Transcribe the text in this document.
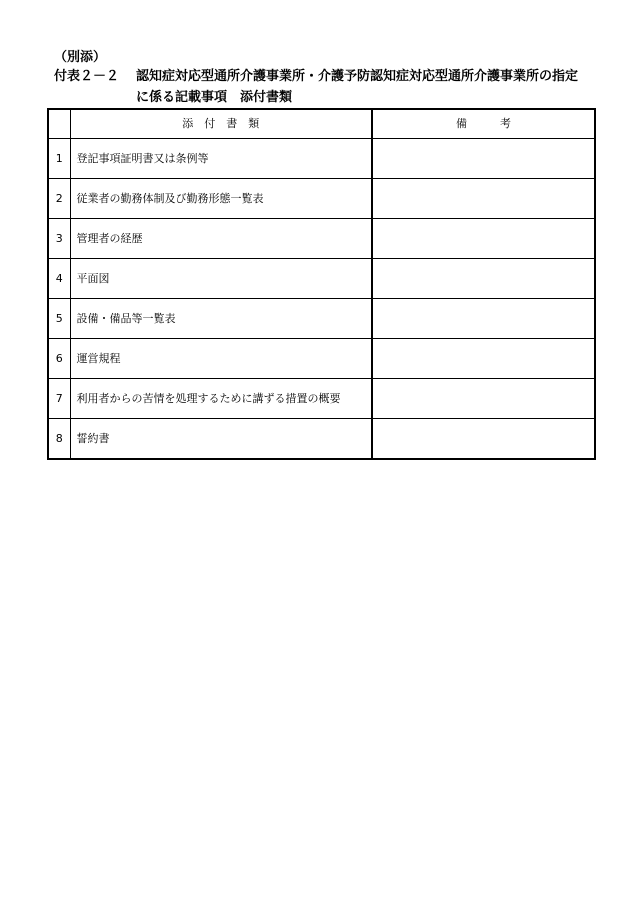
（別添）
付表２－２ 認知症対応型通所介護事業所・介護予防認知症対応型通所介護事業所の指定
に係る記載事項　添付書類
	添　付　書　類	備　　　考
1	登記事項証明書又は条例等	
2	従業者の勤務体制及び勤務形態一覧表	
3	管理者の経歴	
4	平面図	
5	設備・備品等一覧表	
6	運営規程	
7	利用者からの苦情を処理するために講ずる措置の概要	
8	誓約書	
